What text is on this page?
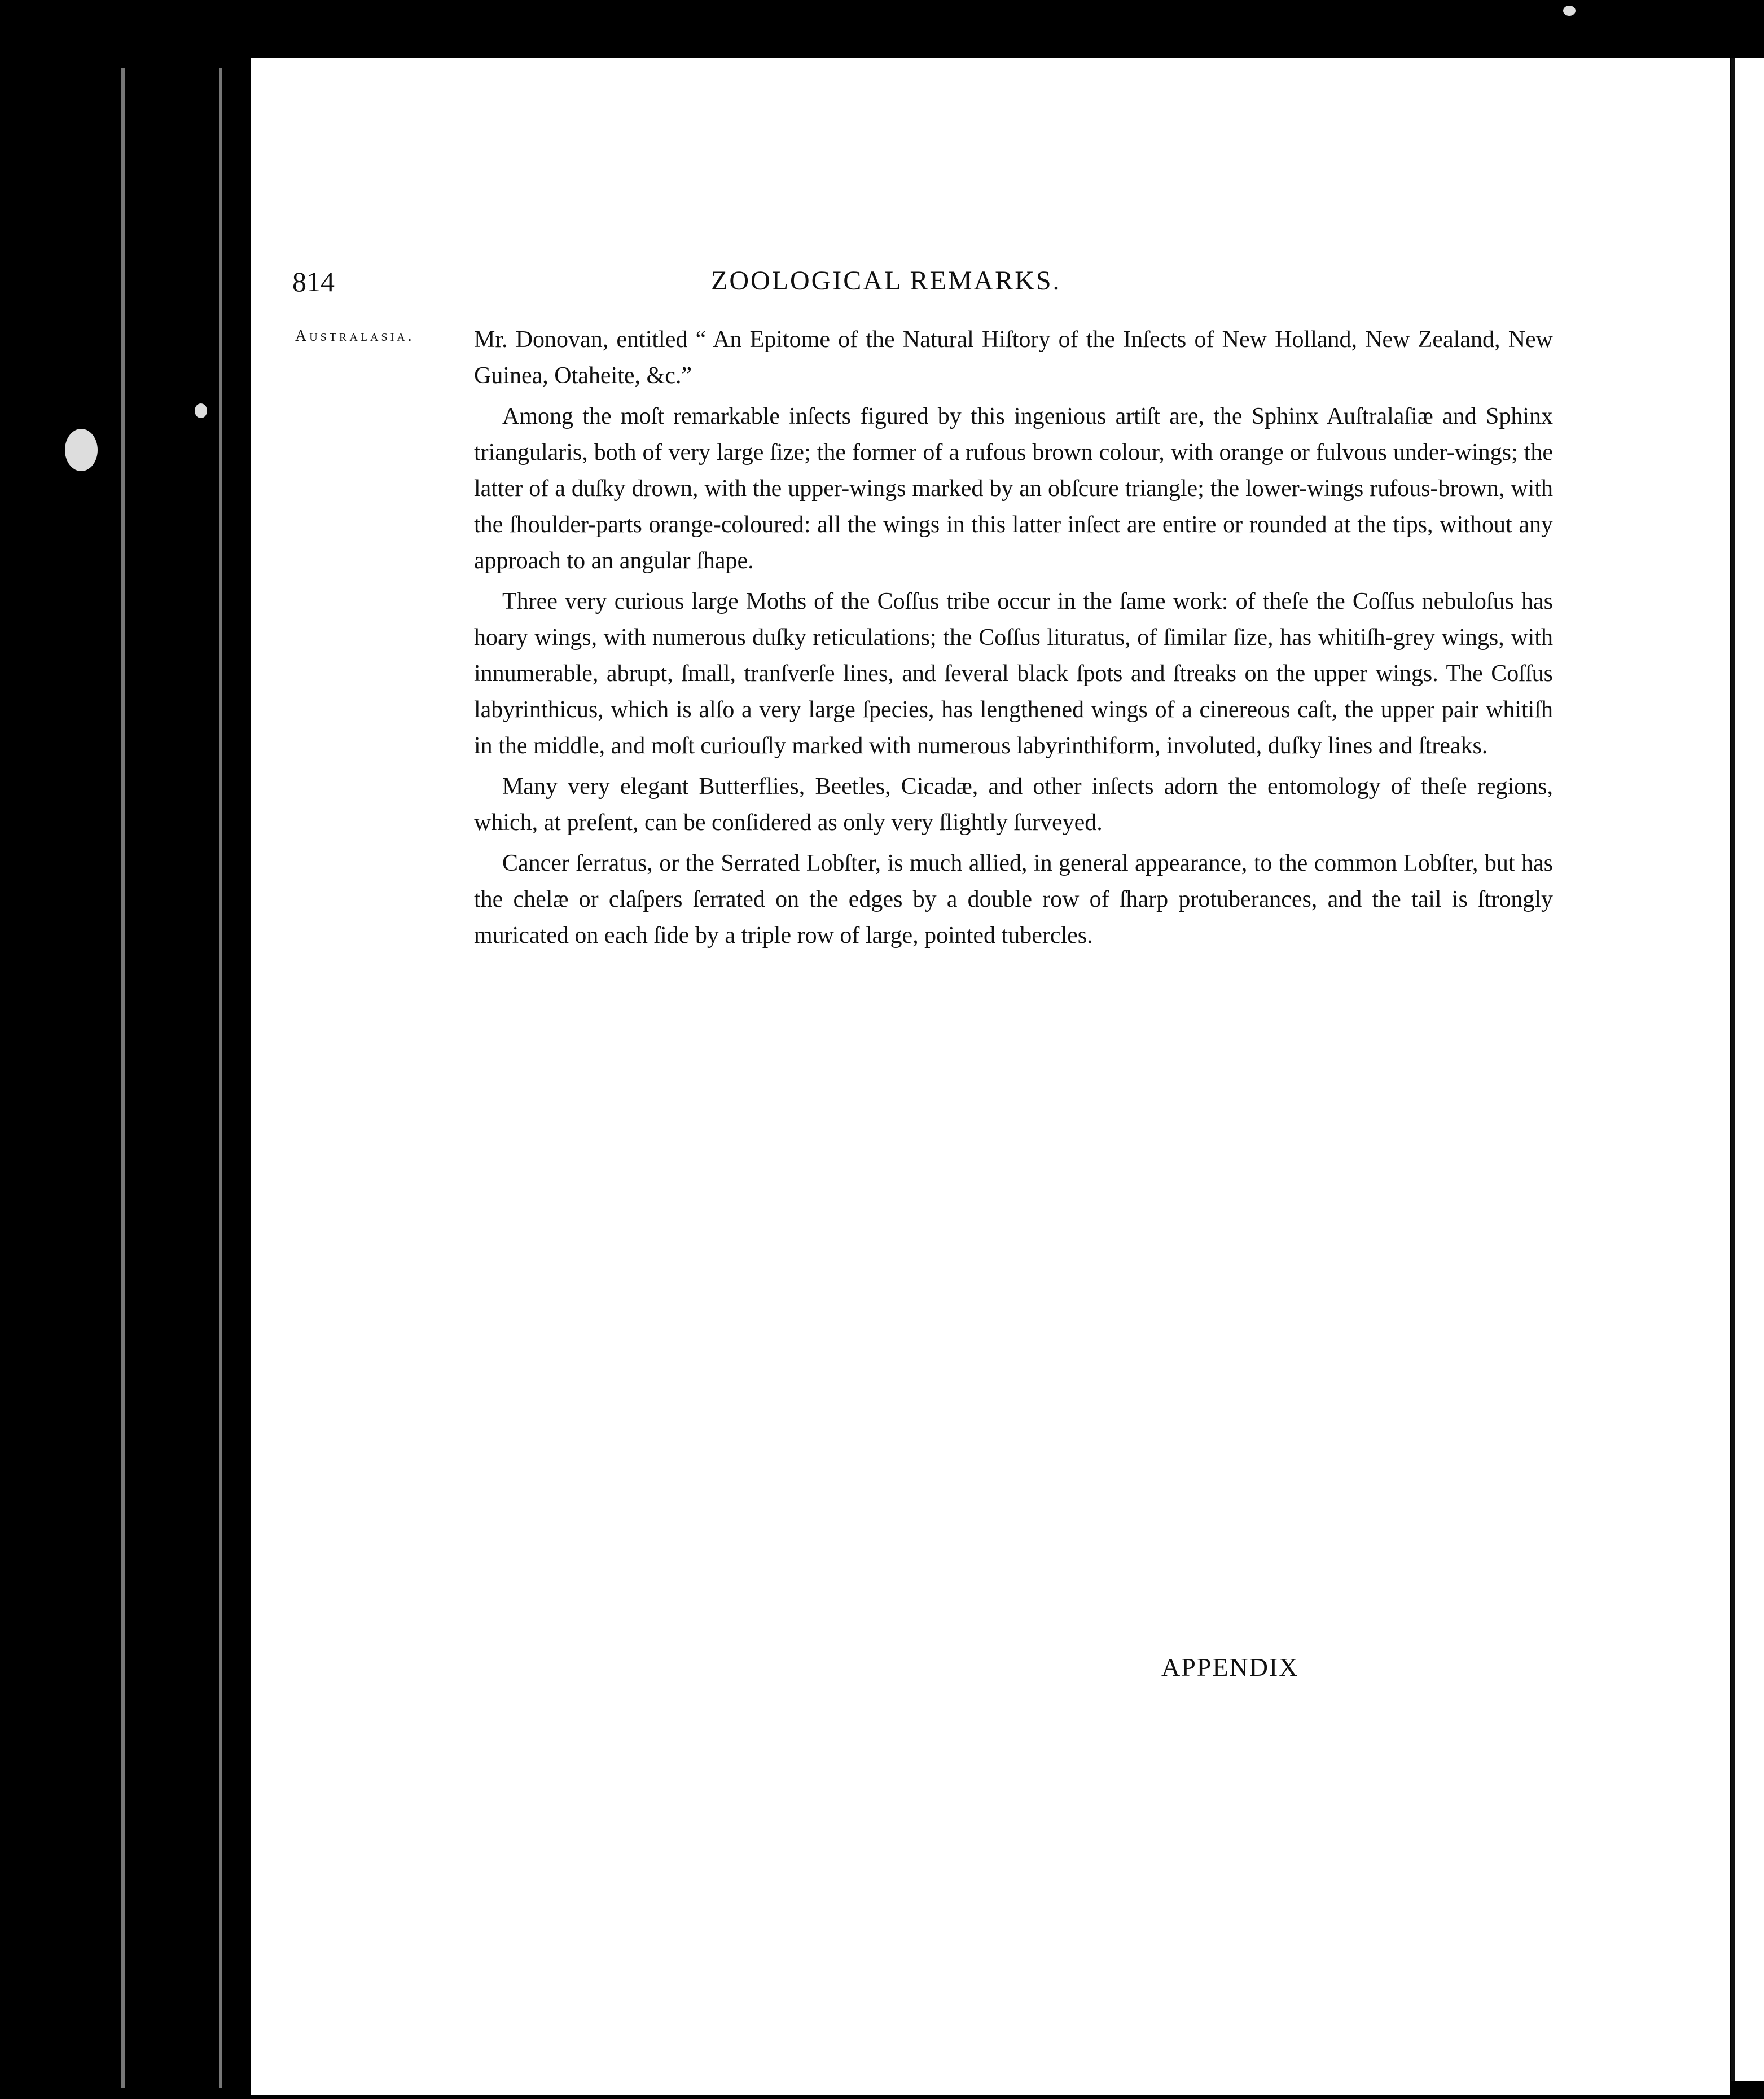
814	ZOOLOGICAL REMARKS.
Australasia.	Mr. Donovan, entitled “ An Epitome of the Natural Hiſtory of the Inſects of New Holland, New Zealand, New Guinea, Otaheite, &c.”

Among the moſt remarkable inſects figured by this ingenious artiſt are, the Sphinx Auſtralaſiæ and Sphinx triangularis, both of very large ſize; the former of a rufous brown colour, with orange or fulvous under-wings; the latter of a duſky drown, with the upper-wings marked by an obſcure triangle; the lower-wings rufous-brown, with the ſhoulder-parts orange-coloured: all the wings in this latter inſect are entire or rounded at the tips, without any approach to an angular ſhape.

Three very curious large Moths of the Coſſus tribe occur in the ſame work: of theſe the Coſſus nebuloſus has hoary wings, with numerous duſky reticulations; the Coſſus lituratus, of ſimilar ſize, has whitiſh-grey wings, with innumerable, abrupt, ſmall, tranſverſe lines, and ſeveral black ſpots and ſtreaks on the upper wings. The Coſſus labyrinthicus, which is alſo a very large ſpecies, has lengthened wings of a cinereous caſt, the upper pair whitiſh in the middle, and moſt curiouſly marked with numerous labyrinthiform, involuted, duſky lines and ſtreaks.

Many very elegant Butterflies, Beetles, Cicadæ, and other inſects adorn the entomology of theſe regions, which, at preſent, can be conſidered as only very ſlightly ſurveyed.

Cancer ſerratus, or the Serrated Lobſter, is much allied, in general appearance, to the common Lobſter, but has the chelæ or claſpers ſerrated on the edges by a double row of ſharp protuberances, and the tail is ſtrongly muricated on each ſide by a triple row of large, pointed tubercles.

APPENDIX
